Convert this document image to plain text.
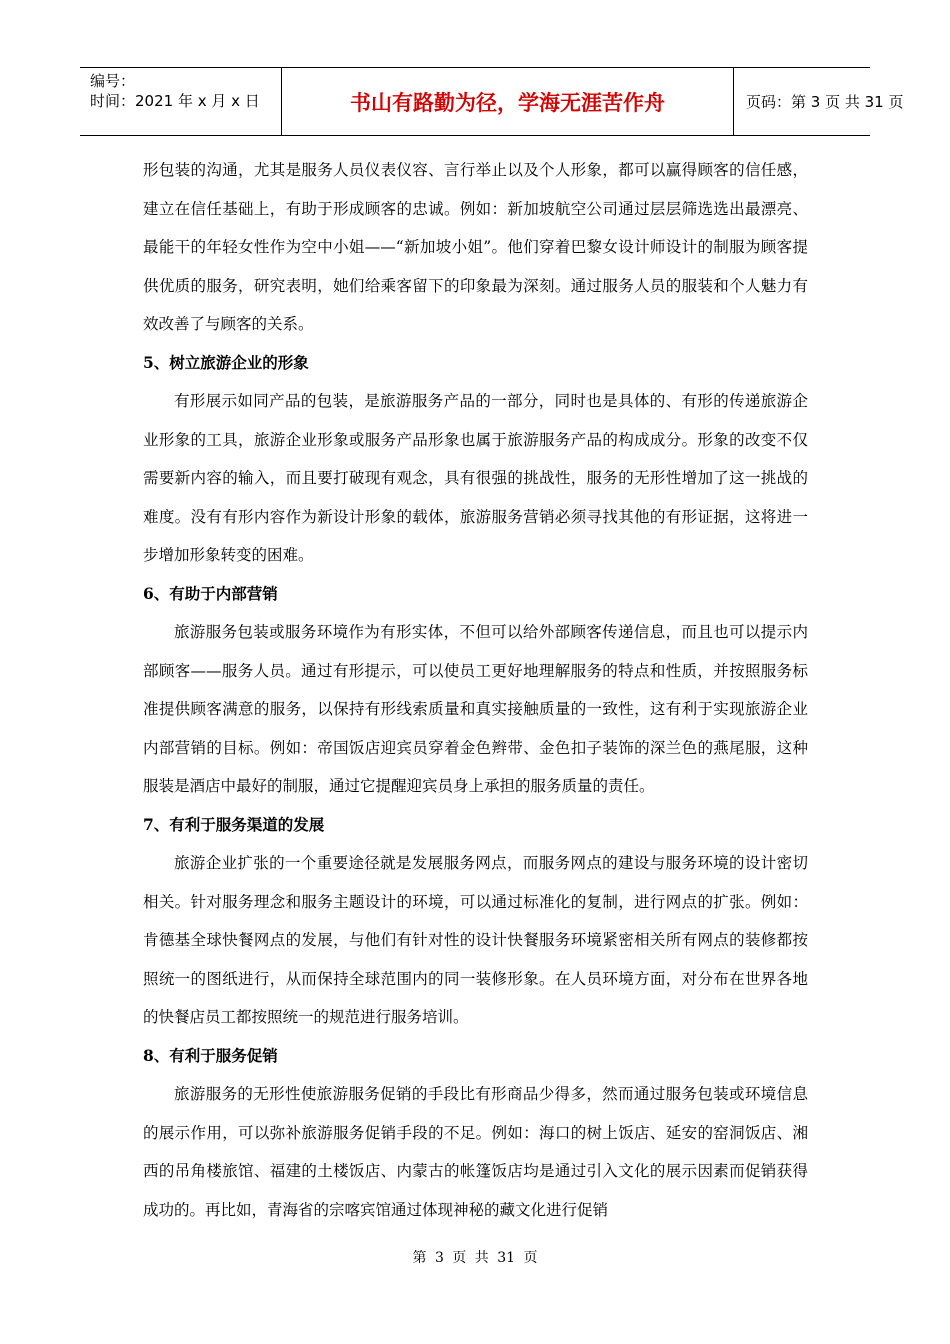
编号：
时间：2021 年 x 月 x 日	书山有路勤为径，学海无涯苦作舟	页码：第 3 页 共 31 页

形包装的沟通，尤其是服务人员仪表仪容、言行举止以及个人形象，都可以赢得顾客的信任感，建立在信任基础上，有助于形成顾客的忠诚。例如：新加坡航空公司通过层层筛选选出最漂亮、最能干的年轻女性作为空中小姐——“新加坡小姐”。他们穿着巴黎女设计师设计的制服为顾客提供优质的服务，研究表明，她们给乘客留下的印象最为深刻。通过服务人员的服装和个人魅力有效改善了与顾客的关系。

5、树立旅游企业的形象

有形展示如同产品的包装，是旅游服务产品的一部分，同时也是具体的、有形的传递旅游企业形象的工具，旅游企业形象或服务产品形象也属于旅游服务产品的构成成分。形象的改变不仅需要新内容的输入，而且要打破现有观念，具有很强的挑战性，服务的无形性增加了这一挑战的难度。没有有形内容作为新设计形象的载体，旅游服务营销必须寻找其他的有形证据，这将进一步增加形象转变的困难。

6、有助于内部营销

旅游服务包装或服务环境作为有形实体，不但可以给外部顾客传递信息，而且也可以提示内部顾客——服务人员。通过有形提示，可以使员工更好地理解服务的特点和性质，并按照服务标准提供顾客满意的服务，以保持有形线索质量和真实接触质量的一致性，这有利于实现旅游企业内部营销的目标。例如：帝国饭店迎宾员穿着金色辫带、金色扣子装饰的深兰色的燕尾服，这种服装是酒店中最好的制服，通过它提醒迎宾员身上承担的服务质量的责任。

7、有利于服务渠道的发展

旅游企业扩张的一个重要途径就是发展服务网点，而服务网点的建设与服务环境的设计密切相关。针对服务理念和服务主题设计的环境，可以通过标准化的复制，进行网点的扩张。例如：肯德基全球快餐网点的发展，与他们有针对性的设计快餐服务环境紧密相关所有网点的装修都按照统一的图纸进行，从而保持全球范围内的同一装修形象。在人员环境方面，对分布在世界各地的快餐店员工都按照统一的规范进行服务培训。

8、有利于服务促销

旅游服务的无形性使旅游服务促销的手段比有形商品少得多，然而通过服务包装或环境信息的展示作用，可以弥补旅游服务促销手段的不足。例如：海口的树上饭店、延安的窑洞饭店、湘西的吊角楼旅馆、福建的土楼饭店、内蒙古的帐篷饭店均是通过引入文化的展示因素而促销获得成功的。再比如，青海省的宗喀宾馆通过体现神秘的藏文化进行促销

第 3 页 共 31 页
